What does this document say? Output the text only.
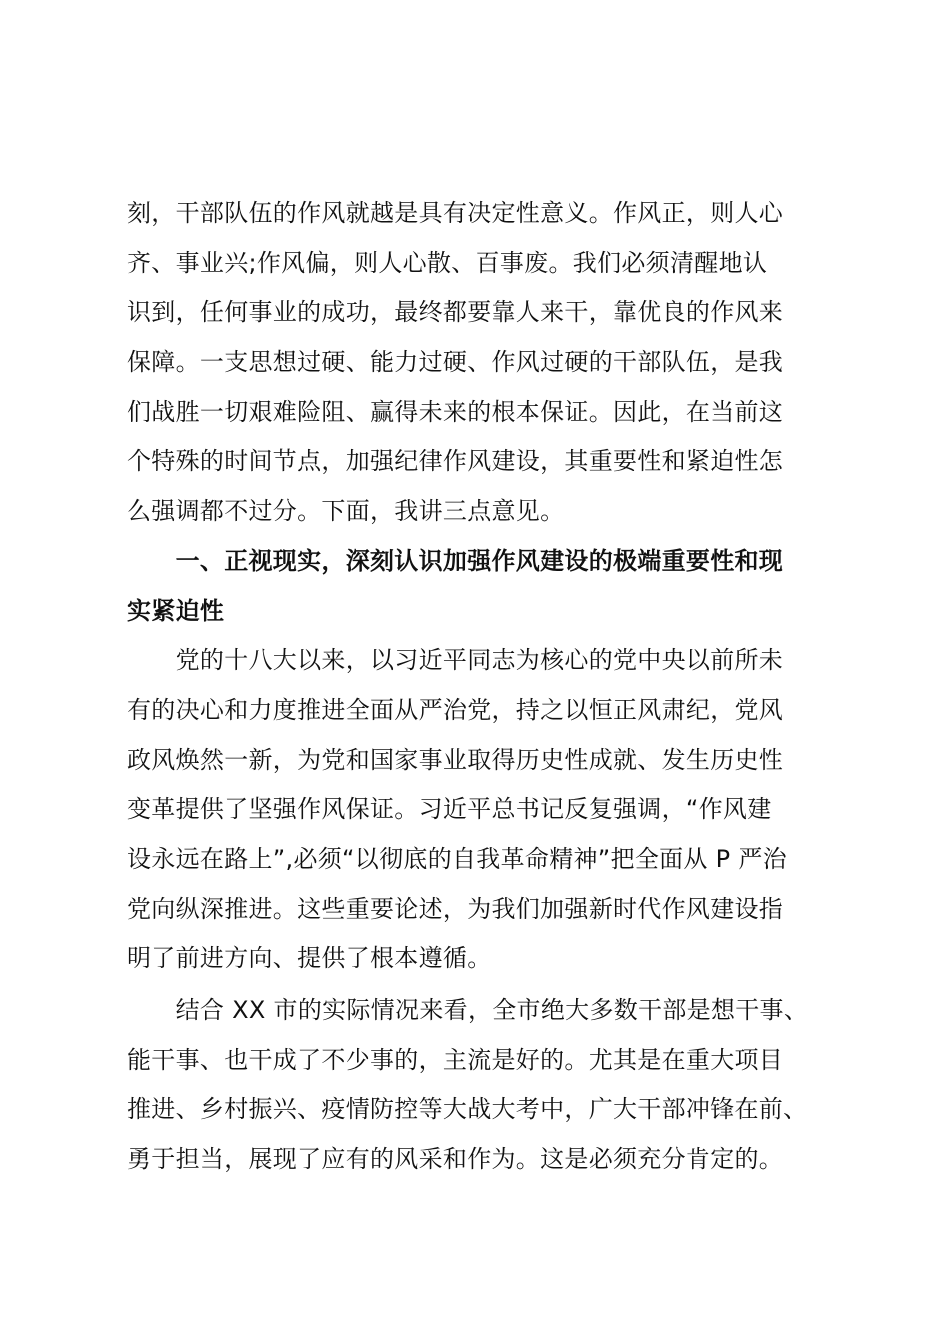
刻，干部队伍的作风就越是具有决定性意义。作风正，则人心
齐、事业兴;作风偏，则人心散、百事废。我们必须清醒地认
识到，任何事业的成功，最终都要靠人来干，靠优良的作风来
保障。一支思想过硬、能力过硬、作风过硬的干部队伍，是我
们战胜一切艰难险阻、赢得未来的根本保证。因此，在当前这
个特殊的时间节点，加强纪律作风建设，其重要性和紧迫性怎
么强调都不过分。下面，我讲三点意见。
　　一、正视现实，深刻认识加强作风建设的极端重要性和现
实紧迫性
　　党的十八大以来，以习近平同志为核心的党中央以前所未
有的决心和力度推进全面从严治党，持之以恒正风肃纪，党风
政风焕然一新，为党和国家事业取得历史性成就、发生历史性
变革提供了坚强作风保证。习近平总书记反复强调，“作风建
设永远在路上”,必须“以彻底的自我革命精神”把全面从 P 严治
党向纵深推进。这些重要论述，为我们加强新时代作风建设指
明了前进方向、提供了根本遵循。
　　结合 XX 市的实际情况来看，全市绝大多数干部是想干事、
能干事、也干成了不少事的，主流是好的。尤其是在重大项目
推进、乡村振兴、疫情防控等大战大考中，广大干部冲锋在前、
勇于担当，展现了应有的风采和作为。这是必须充分肯定的。
